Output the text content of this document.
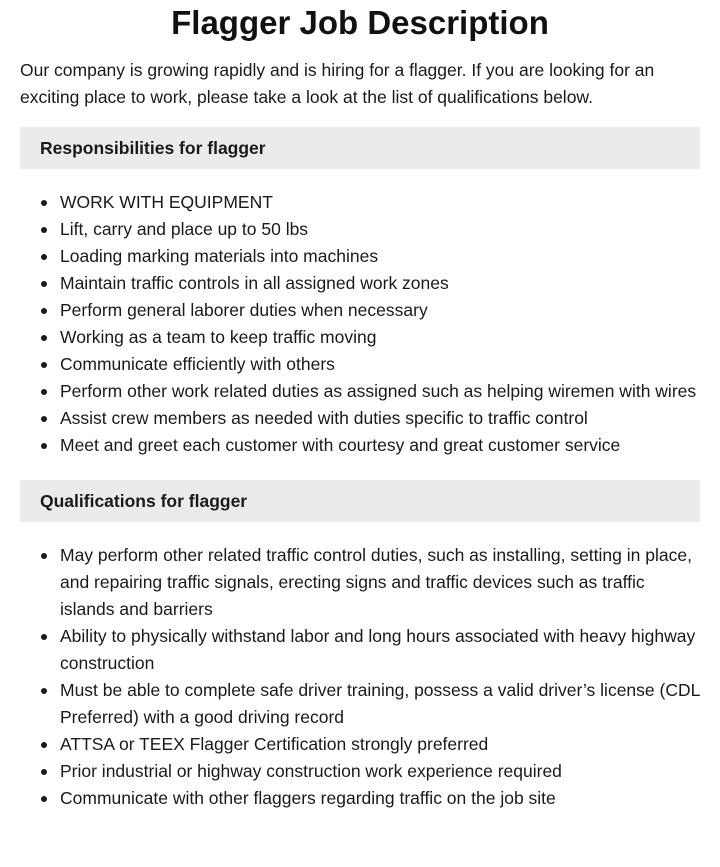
Flagger Job Description

Our company is growing rapidly and is hiring for a flagger. If you are looking for an exciting place to work, please take a look at the list of qualifications below.

Responsibilities for flagger
WORK WITH EQUIPMENT
Lift, carry and place up to 50 lbs
Loading marking materials into machines
Maintain traffic controls in all assigned work zones
Perform general laborer duties when necessary
Working as a team to keep traffic moving
Communicate efficiently with others
Perform other work related duties as assigned such as helping wiremen with wires
Assist crew members as needed with duties specific to traffic control
Meet and greet each customer with courtesy and great customer service
Qualifications for flagger
May perform other related traffic control duties, such as installing, setting in place, and repairing traffic signals, erecting signs and traffic devices such as traffic islands and barriers
Ability to physically withstand labor and long hours associated with heavy highway construction
Must be able to complete safe driver training, possess a valid driver’s license (CDL Preferred) with a good driving record
ATTSA or TEEX Flagger Certification strongly preferred
Prior industrial or highway construction work experience required
Communicate with other flaggers regarding traffic on the job site
